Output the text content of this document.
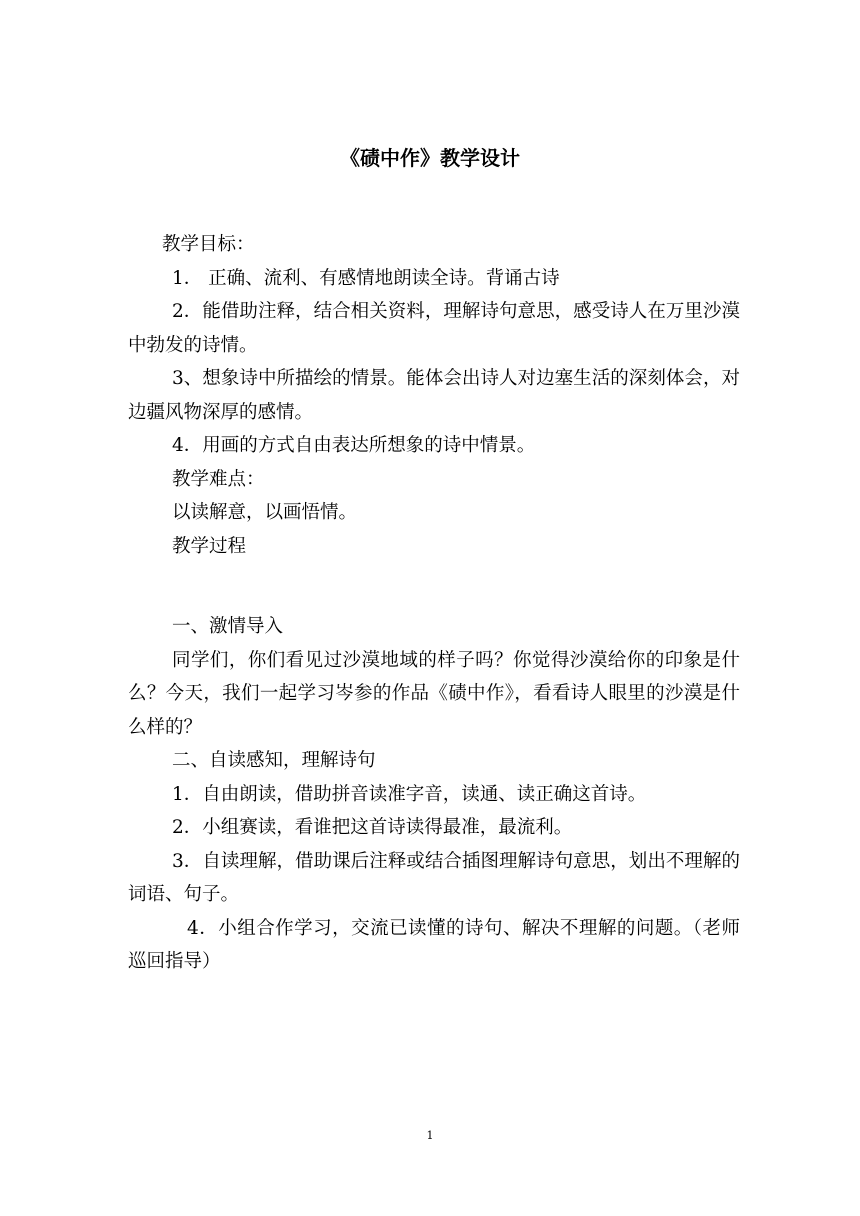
《碛中作》教学设计

教学目标：

1． 正确、流利、有感情地朗读全诗。背诵古诗

2．能借助注释，结合相关资料，理解诗句意思，感受诗人在万里沙漠中勃发的诗情。

3、想象诗中所描绘的情景。能体会出诗人对边塞生活的深刻体会，对边疆风物深厚的感情。

4．用画的方式自由表达所想象的诗中情景。

教学难点：

以读解意，以画悟情。

教学过程

一、激情导入

同学们，你们看见过沙漠地域的样子吗？你觉得沙漠给你的印象是什么？今天，我们一起学习岑参的作品《碛中作》，看看诗人眼里的沙漠是什么样的？

二、自读感知，理解诗句

1．自由朗读，借助拼音读准字音，读通、读正确这首诗。

2．小组赛读，看谁把这首诗读得最准，最流利。

3．自读理解，借助课后注释或结合插图理解诗句意思，划出不理解的词语、句子。

4．小组合作学习，交流已读懂的诗句、解决不理解的问题。（老师巡回指导）

1
